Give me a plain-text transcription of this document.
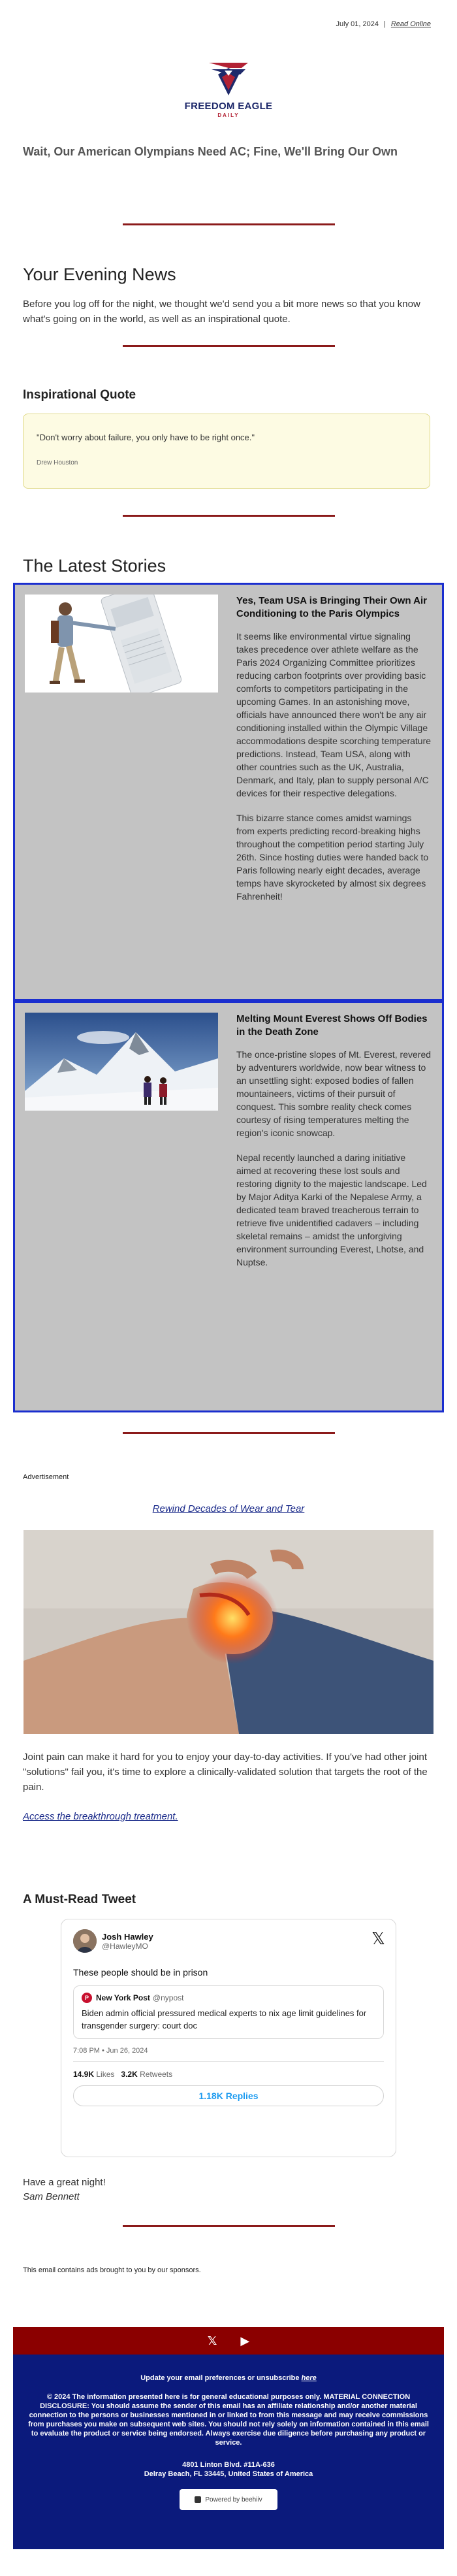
July 01, 2024 | Read Online
FREEDOM EAGLE
DAILY
Wait, Our American Olympians Need AC; Fine, We'll Bring Our Own
Your Evening News

Before you log off for the night, we thought we'd send you a bit more news so that you know what's going on in the world, as well as an inspirational quote.

Inspirational Quote

"Don't worry about failure, you only have to be right once."

Drew Houston
The Latest Stories
Yes, Team USA is Bringing Their Own Air Conditioning to the Paris Olympics

It seems like environmental virtue signaling takes precedence over athlete welfare as the Paris 2024 Organizing Committee prioritizes reducing carbon footprints over providing basic comforts to competitors participating in the upcoming Games. In an astonishing move, officials have announced there won't be any air conditioning installed within the Olympic Village accommodations despite scorching temperature predictions. Instead, Team USA, along with other countries such as the UK, Australia, Denmark, and Italy, plan to supply personal A/C devices for their respective delegations.

This bizarre stance comes amidst warnings from experts predicting record-breaking highs throughout the competition period starting July 26th. Since hosting duties were handed back to Paris following nearly eight decades, average temps have skyrocketed by almost six degrees Fahrenheit!

Melting Mount Everest Shows Off Bodies in the Death Zone

The once-pristine slopes of Mt. Everest, revered by adventurers worldwide, now bear witness to an unsettling sight: exposed bodies of fallen mountaineers, victims of their pursuit of conquest. This sombre reality check comes courtesy of rising temperatures melting the region's iconic snowcap.

Nepal recently launched a daring initiative aimed at recovering these lost souls and restoring dignity to the majestic landscape. Led by Major Aditya Karki of the Nepalese Army, a dedicated team braved treacherous terrain to retrieve five unidentified cadavers – including skeletal remains – amidst the unforgiving environment surrounding Everest, Lhotse, and Nuptse.

Advertisement
Rewind Decades of Wear and Tear

Joint pain can make it hard for you to enjoy your day-to-day activities. If you've had other joint "solutions" fail you, it's time to explore a clinically-validated solution that targets the root of the pain.

Access the breakthrough treatment.
A Must-Read Tweet
Josh Hawley
@HawleyMO	𝕏
These people should be in prison
P New York Post @nypost
Biden admin official pressured medical experts to nix age limit guidelines for transgender surgery: court doc
7:08 PM • Jun 26, 2024
14.9K Likes 3.2K Retweets
1.18K Replies
Have a great night!
Sam Bennett
This email contains ads brought to you by our sponsors.
𝕏 ▶
Update your email preferences or unsubscribe here
© 2024 The information presented here is for general educational purposes only. MATERIAL CONNECTION DISCLOSURE: You should assume the sender of this email has an affiliate relationship and/or another material connection to the persons or businesses mentioned in or linked to from this message and may receive commissions from purchases you make on subsequent web sites. You should not rely solely on information contained in this email to evaluate the product or service being endorsed. Always exercise due diligence before purchasing any product or service.
4801 Linton Blvd. #11A-636
Delray Beach, FL 33445, United States of America
Powered by beehiiv
